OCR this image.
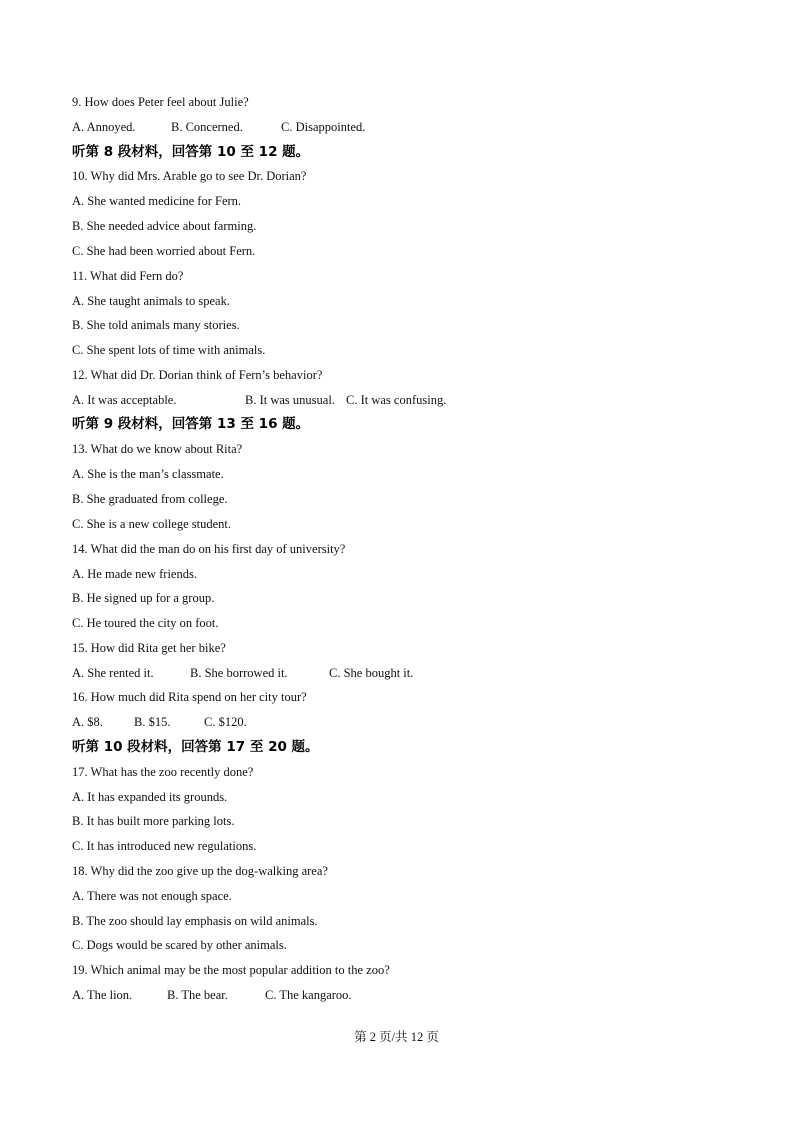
9. How does Peter feel about Julie?
A. Annoyed.	B. Concerned.	C. Disappointed.
听第 8 段材料，回答第 10 至 12 题。
10. Why did Mrs. Arable go to see Dr. Dorian?
A. She wanted medicine for Fern.
B. She needed advice about farming.
C. She had been worried about Fern.
11. What did Fern do?
A. She taught animals to speak.
B. She told animals many stories.
C. She spent lots of time with animals.
12. What did Dr. Dorian think of Fern’s behavior?
A. It was acceptable.	B. It was unusual. C. It was confusing.
听第 9 段材料，回答第 13 至 16 题。
13. What do we know about Rita?
A. She is the man’s classmate.
B. She graduated from college.
C. She is a new college student.
14. What did the man do on his first day of university?
A. He made new friends.
B. He signed up for a group.
C. He toured the city on foot.
15. How did Rita get her bike?
A. She rented it.	B. She borrowed it.	C. She bought it.
16. How much did Rita spend on her city tour?
A. $8. B. $15.	C. $120.
听第 10 段材料，回答第 17 至 20 题。
17. What has the zoo recently done?
A. It has expanded its grounds.
B. It has built more parking lots.
C. It has introduced new regulations.
18. Why did the zoo give up the dog-walking area?
A. There was not enough space.
B. The zoo should lay emphasis on wild animals.
C. Dogs would be scared by other animals.
19. Which animal may be the most popular addition to the zoo?
A. The lion.	B. The bear.	C. The kangaroo.
第 2 页/共 12 页
